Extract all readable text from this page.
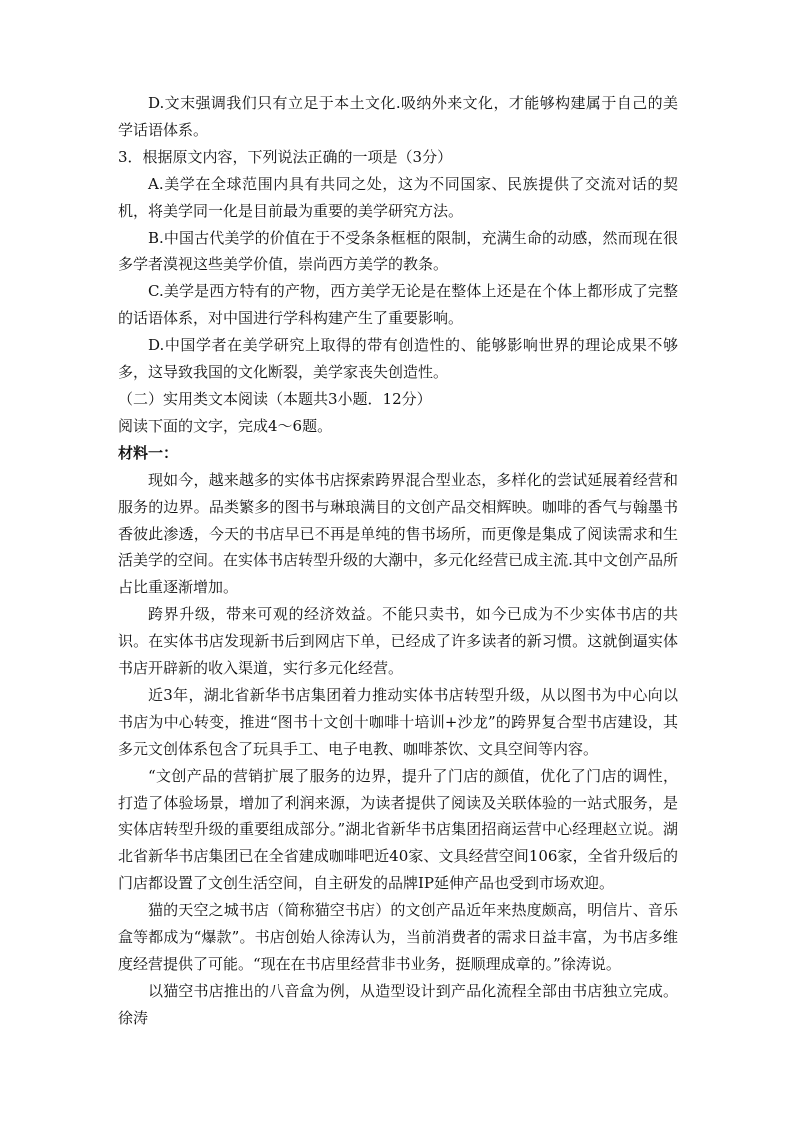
D.文末强调我们只有立足于本土文化.吸纳外来文化，才能够构建属于自己的美学话语体系。

3．根据原文内容，下列说法正确的一项是（3分）

A.美学在全球范围内具有共同之处，这为不同国家、民族提供了交流对话的契机，将美学同一化是目前最为重要的美学研究方法。

B.中国古代美学的价值在于不受条条框框的限制，充满生命的动感，然而现在很多学者漠视这些美学价值，崇尚西方美学的教条。

C.美学是西方特有的产物，西方美学无论是在整体上还是在个体上都形成了完整的话语体系，对中国进行学科构建产生了重要影响。

D.中国学者在美学研究上取得的带有创造性的、能够影响世界的理论成果不够多，这导致我国的文化断裂，美学家丧失创造性。

（二）实用类文本阅读（本题共3小题．12分）

阅读下面的文字，完成4～6题。

材料一：

现如今，越来越多的实体书店探索跨界混合型业态，多样化的尝试延展着经营和服务的边界。品类繁多的图书与琳琅满目的文创产品交相辉映。咖啡的香气与翰墨书香彼此渗透，今天的书店早已不再是单纯的售书场所，而更像是集成了阅读需求和生活美学的空间。在实体书店转型升级的大潮中，多元化经营已成主流.其中文创产品所占比重逐渐增加。

跨界升级，带来可观的经济效益。不能只卖书，如今已成为不少实体书店的共识。在实体书店发现新书后到网店下单，已经成了许多读者的新习惯。这就倒逼实体书店开辟新的收入渠道，实行多元化经营。

近3年，湖北省新华书店集团着力推动实体书店转型升级，从以图书为中心向以书店为中心转变，推进“图书十文创十咖啡十培训+沙龙”的跨界复合型书店建设，其多元文创体系包含了玩具手工、电子电教、咖啡茶饮、文具空间等内容。

“文创产品的营销扩展了服务的边界，提升了门店的颜值，优化了门店的调性，打造了体验场景，增加了利润来源，为读者提供了阅读及关联体验的一站式服务，是实体店转型升级的重要组成部分。”湖北省新华书店集团招商运营中心经理赵立说。湖北省新华书店集团已在全省建成咖啡吧近40家、文具经营空间106家，全省升级后的门店都设置了文创生活空间，自主研发的品牌IP延伸产品也受到市场欢迎。

猫的天空之城书店（简称猫空书店）的文创产品近年来热度颇高，明信片、音乐盒等都成为“爆款”。书店创始人徐涛认为，当前消费者的需求日益丰富，为书店多维度经营提供了可能。“现在在书店里经营非书业务，挺顺理成章的。”徐涛说。

以猫空书店推出的八音盒为例，从造型设计到产品化流程全部由书店独立完成。徐涛
